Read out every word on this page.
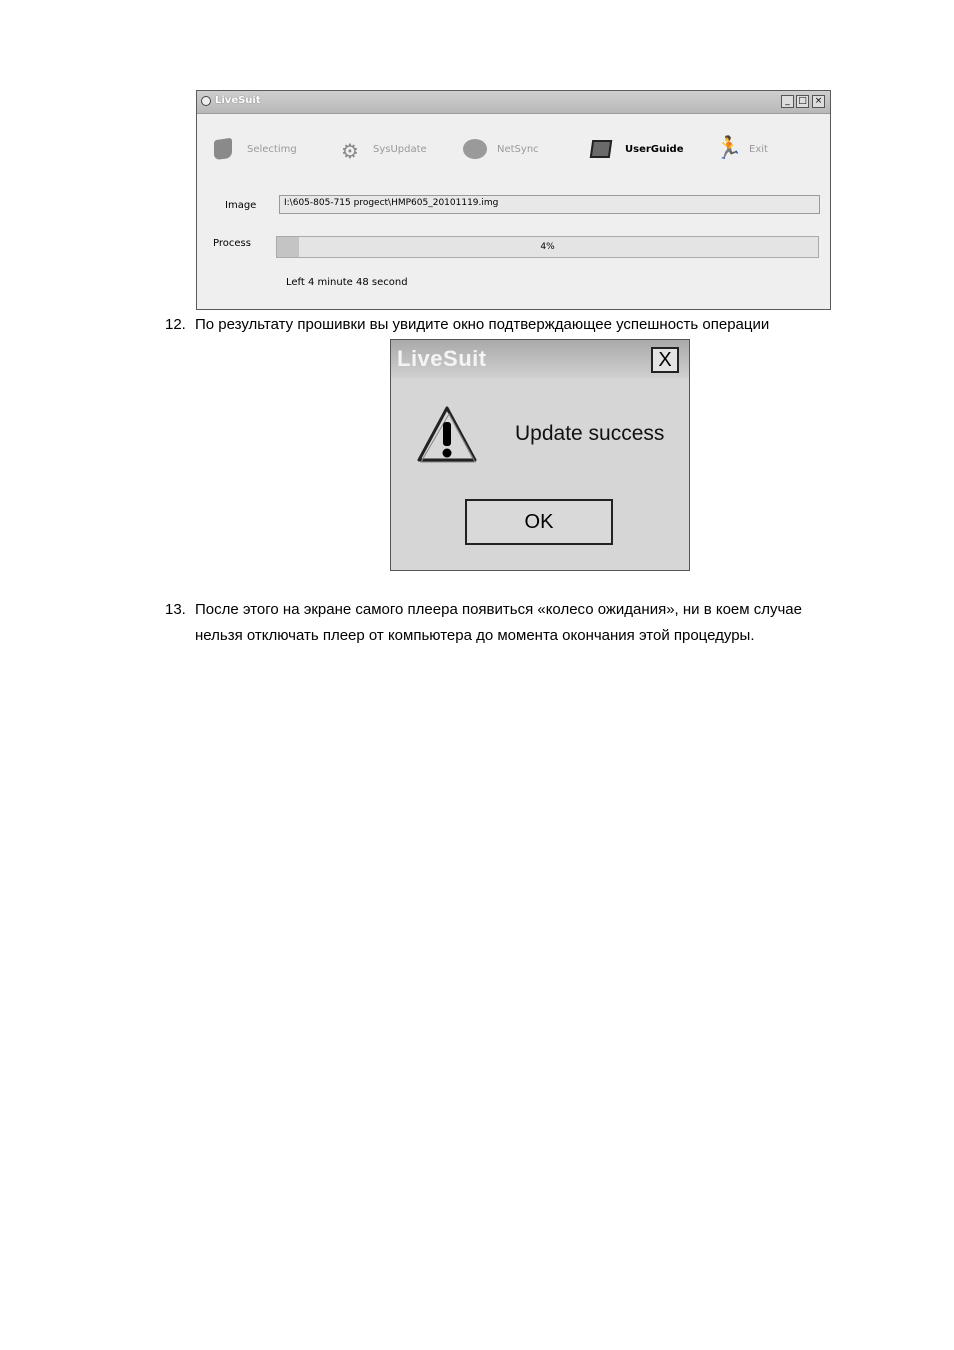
LiveSuit	_ □ ×
Selectimg ⚙ SysUpdate	NetSync	UserGuide 🏃 Exit
Image	I:\605-805-715 progect\HMP605_20101119.img
Process	4%
Left 4 minute 48 second
12. По результату прошивки вы увидите окно подтверждающее успешность операции
LiveSuit	X
Update success
OK
13. После этого на экране самого плеера появиться «колесо ожидания», ни в коем случае
нельзя отключать плеер от компьютера до момента окончания этой процедуры.
